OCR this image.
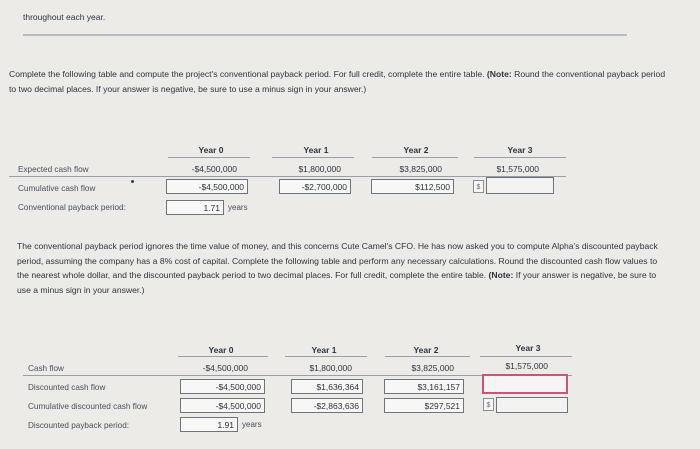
throughout each year.
Complete the following table and compute the project's conventional payback period. For full credit, complete the entire table. (Note: Round the conventional payback period to two decimal places. If your answer is negative, be sure to use a minus sign in your answer.)
Year 0	Year 1	Year 2	Year 3
Expected cash flow	-$4,500,000	$1,800,000	$3,825,000	$1,575,000
Cumulative cash flow	-$4,500,000	-$2,700,000	$112,500	$
Conventional payback period:	1.71	years
The conventional payback period ignores the time value of money, and this concerns Cute Camel's CFO. He has now asked you to compute Alpha's discounted payback period, assuming the company has a 8% cost of capital. Complete the following table and perform any necessary calculations. Round the discounted cash flow values to the nearest whole dollar, and the discounted payback period to two decimal places. For full credit, complete the entire table. (Note: If your answer is negative, be sure to use a minus sign in your answer.)
Year 0	Year 1	Year 2	Year 3
Cash flow	-$4,500,000	$1,800,000	$3,825,000	$1,575,000
Discounted cash flow	-$4,500,000	$1,636,364	$3,161,157
Cumulative discounted cash flow	-$4,500,000	-$2,863,636	$297,521	$
Discounted payback period:	1.91	years
